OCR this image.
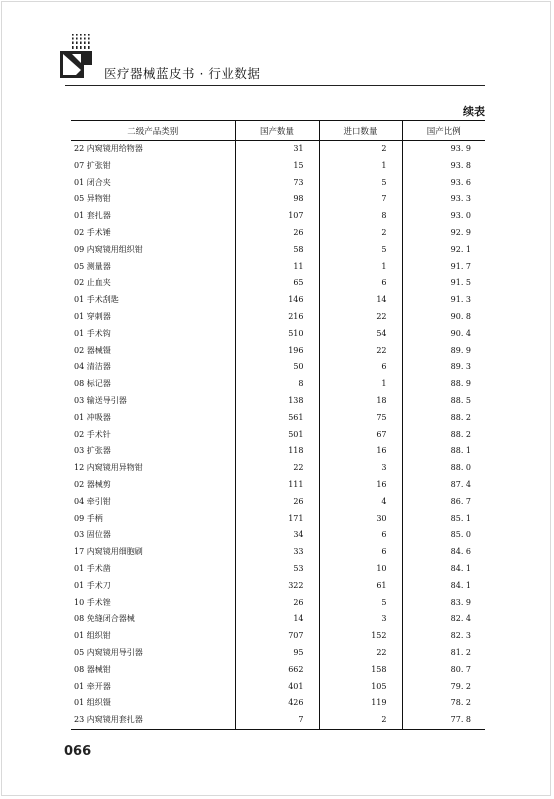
医疗器械蓝皮书 · 行业数据
续表
二级产品类别	国产数量	进口数量	国产比例
22 内窥镜用给物器	31	2	93. 9
07 扩张钳	15	1	93. 8
01 闭合夹	73	5	93. 6
05 异物钳	98	7	93. 3
01 套扎器	107	8	93. 0
02 手术锤	26	2	92. 9
09 内窥镜用组织钳	58	5	92. 1
05 测量器	11	1	91. 7
02 止血夹	65	6	91. 5
01 手术刮匙	146	14	91. 3
01 穿刺器	216	22	90. 8
01 手术钩	510	54	90. 4
02 器械镊	196	22	89. 9
04 清洁器	50	6	89. 3
08 标记器	8	1	88. 9
03 输送导引器	138	18	88. 5
01 冲吸器	561	75	88. 2
02 手术针	501	67	88. 2
03 扩张器	118	16	88. 1
12 内窥镜用异物钳	22	3	88. 0
02 器械剪	111	16	87. 4
04 牵引钳	26	4	86. 7
09 手柄	171	30	85. 1
03 固位器	34	6	85. 0
17 内窥镜用细胞刷	33	6	84. 6
01 手术凿	53	10	84. 1
01 手术刀	322	61	84. 1
10 手术锉	26	5	83. 9
08 免缝闭合器械	14	3	82. 4
01 组织钳	707	152	82. 3
05 内窥镜用导引器	95	22	81. 2
08 器械钳	662	158	80. 7
01 牵开器	401	105	79. 2
01 组织镊	426	119	78. 2
23 内窥镜用套扎器	7	2	77. 8
066
